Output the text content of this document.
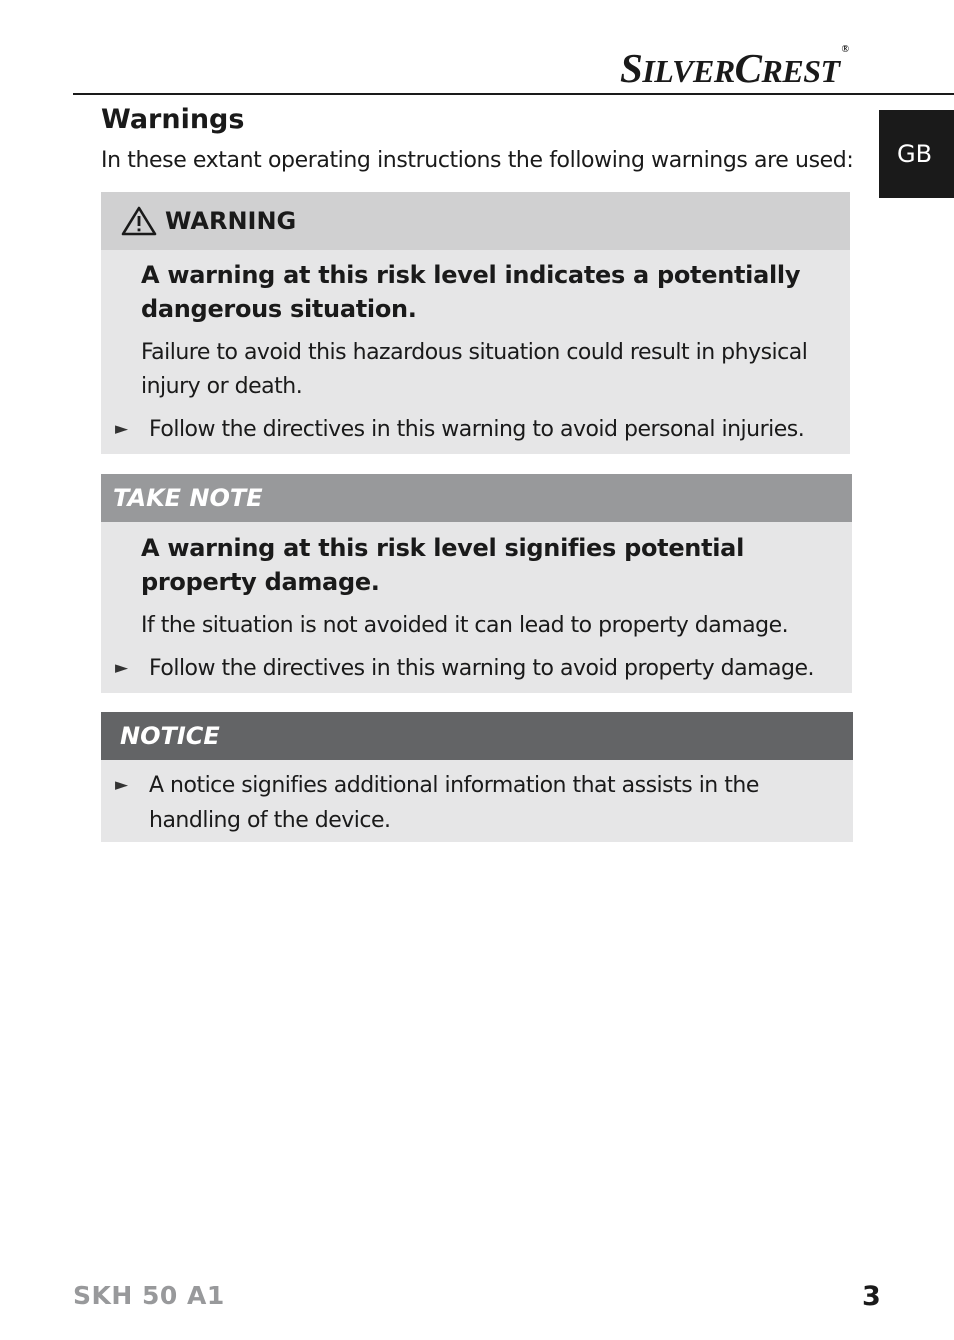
SILVERCREST®
GB
Warnings

In these extant operating instructions the following warnings are used:

WARNING

A warning at this risk level indicates a potentially

dangerous situation.

Failure to avoid this hazardous situation could result in physical

injury or death.

► Follow the directives in this warning to avoid personal injuries.
TAKE NOTE

A warning at this risk level signifies potential

property damage.

If the situation is not avoided it can lead to property damage.

► Follow the directives in this warning to avoid property damage.
NOTICE
► A notice signifies additional information that assists in the
handling of the device.
SKH 50 A1	3
